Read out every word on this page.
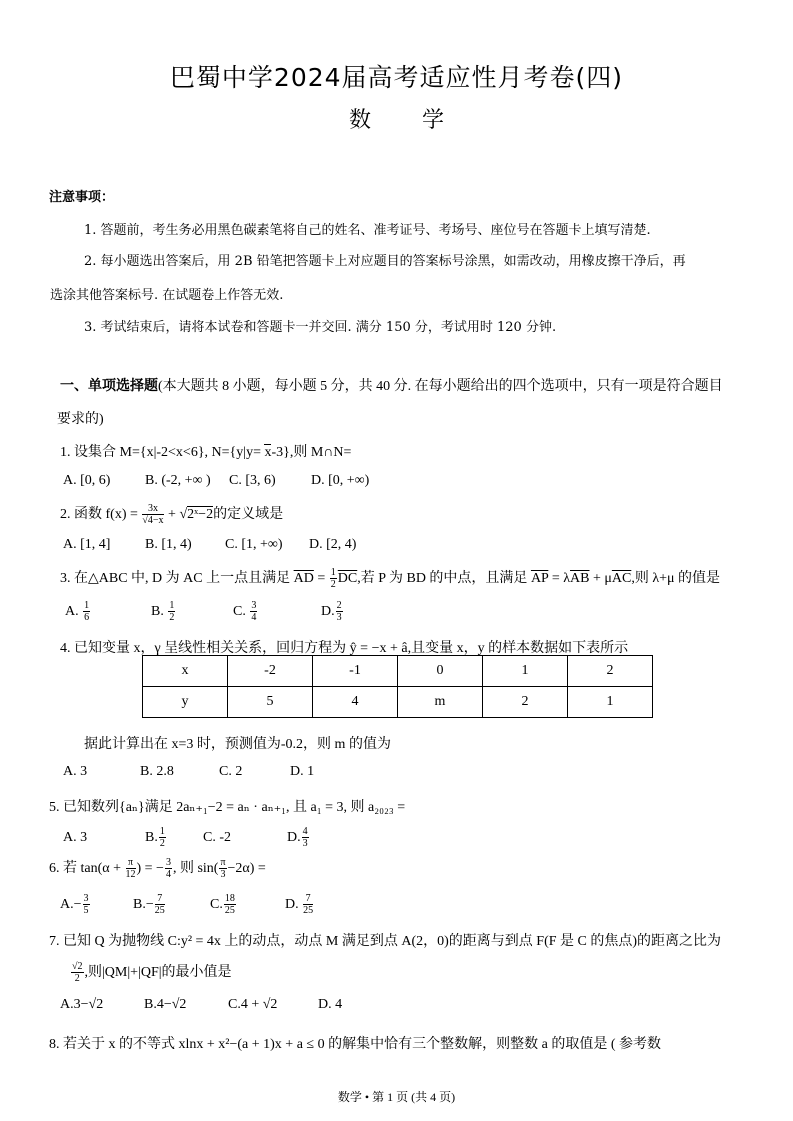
巴蜀中学2024届高考适应性月考卷(四)
数 学
注意事项：
1. 答题前，考生务必用黑色碳素笔将自己的姓名、准考证号、考场号、座位号在答题卡上填写清楚.
2. 每小题选出答案后，用 2B 铅笔把答题卡上对应题目的答案标号涂黑，如需改动，用橡皮擦干净后，再
选涂其他答案标号. 在试题卷上作答无效.
3. 考试结束后，请将本试卷和答题卡一并交回. 满分 150 分，考试用时 120 分钟.
一、单项选择题(本大题共 8 小题，每小题 5 分，共 40 分. 在每小题给出的四个选项中，只有一项是符合题目
要求的)
1. 设集合 M={x|-2<x<6}, N={y|y= x-3},则 M∩N=
A. [0, 6) B. (-2, +∞ ) C. [3, 6)	D. [0, +∞)
2. 函数 $f(x) = \frac{3x}{√4-x}$ + √2ˣ−2的定义域是
A. [1, 4] B. [1, 4) C. [1, +∞) D. [2, 4)
3. 在△ABC 中, D 为 AC 上一点且满足 $\overline{AD} = \frac{1}{2} \overline{DC}$,若 P 为 BD 的中点，且满足 $\overline{AP} = \lambda\overline{AB} + \mu\overline{AC}$,则 λ+μ 的值是
A. $\frac{1}{6}$	B. $\frac{1}{2}$	C. $\frac{3}{4}$	D. $\frac{2}{3}$
4. 已知变量 x，γ 呈线性相关关系，回归方程为 ŷ = −x + â,且变量 x，y 的样本数据如下表所示
x	-2	-1	0	1	2
y	5	4	m	2	1
据此计算出在 x=3 时，预测值为-0.2，则 m 的值为
A. 3	B. 2.8	C. 2	D. 1
5. 已知数列{aₙ}满足 2aₙ₊₁−2 = aₙ · aₙ₊₁, 且 a₁ = 3, 则 a₂₀₂₃ =
A. 3	B. $\frac{1}{2}$	C. -2	D. $\frac{4}{3}$
6. 若 $\tan(\alpha + \frac{\pi}{12}$ ) = − $\frac{3}{4}$ , 则 $\sin( \frac{\pi}{3} -2\alpha)$ =
$A.- \frac{3}{5}$	$B.- \frac{7}{25}$	C. $\frac{18}{25}$	D. $\frac{7}{25}$
7. 已知 Q 为抛物线 C:y² = 4x 上的动点，动点 M 满足到点 A(2，0)的距离与到点 F(F 是 C 的焦点)的距离之比为
$\frac{√2}{2}$ ,则|QM|+|QF|的最小值是
A.3−√2	B.4−√2	C.4 + √2	D. 4
8. 若关于 x 的不等式 xlnx + x²−(a + 1)x + a ≤ 0 的解集中恰有三个整数解，则整数 a 的取值是 ( 参考数
数学 • 第 1 页 (共 4 页)
